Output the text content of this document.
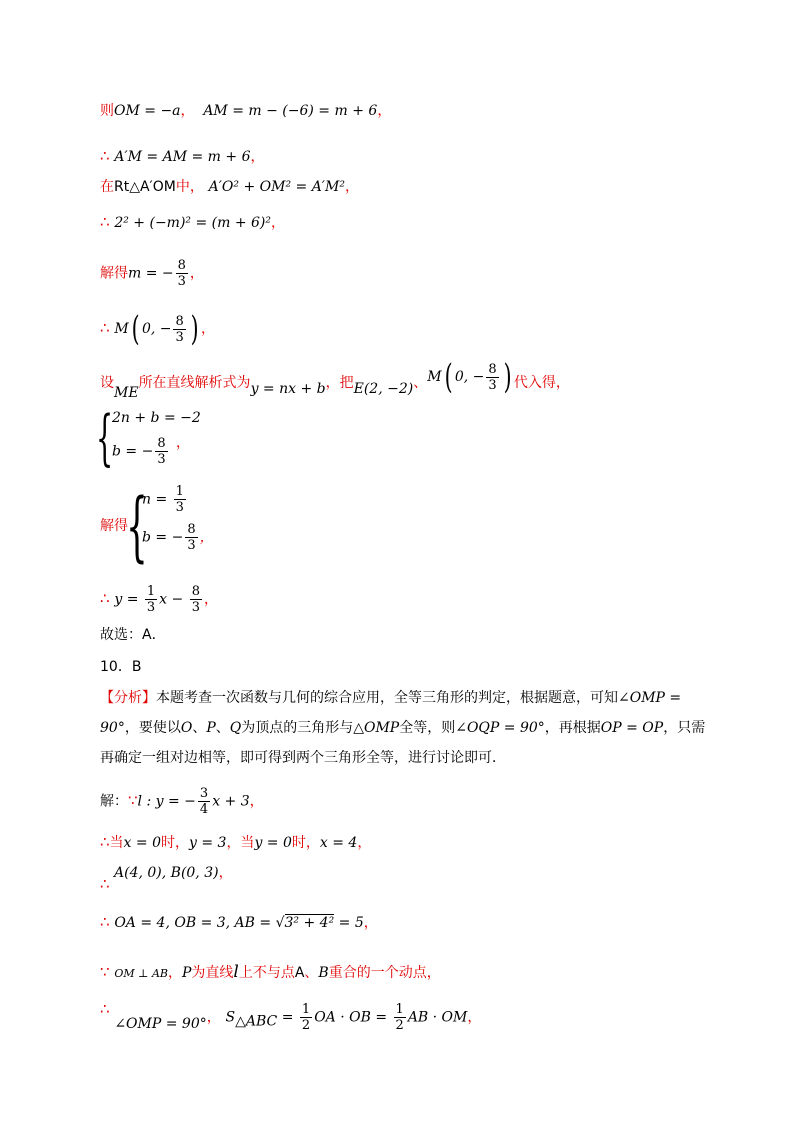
则OM = −a， AM = m − (−6) = m + 6，
∴ A′M = AM = m + 6，
在Rt△A′OM中， A′O² + OM² = A′M²，
∴ 2² + (−m)² = (m + 6)²，
解得m = − $\frac{8}{3}$ ，
∴ M( 0, − $\frac{8}{3}$ ) ，
设ME所在直线解析式为y = nx + b，把E(2, −2)、M( 0, − $\frac{8}{3}$ ) 代入得，
{
2n + b = −2
b = − $\frac{8}{3}$ ，
解得
{
$n = \frac{1}{3}$
b = − $\frac{8}{3}$ ，
∴ $y = \frac{1}{3}$ $x - \frac{8}{3}$ ，
故选：A．
10．B
【分析】本题考查一次函数与几何的综合应用，全等三角形的判定，根据题意，可知∠OMP = 90°，要使以O、P、Q为顶点的三角形与△OMP全等，则∠OQP = 90°，再根据OP = OP，只需再确定一组对边相等，即可得到两个三角形全等，进行讨论即可．
解：∵l : y = − $\frac{3}{4}$ x + 3，
∴当x = 0时，y = 3，当y = 0时，x = 4，
A(4, 0), B(0, 3)，
∴
∴ OA = 4, OB = 3, AB = √3² + 4² = 5，
∵ OM ⊥ AB，P为直线l上不与点A、B重合的一个动点，
∴ ∠OMP = 90°， $S_{\triangle ABC} = \frac{1}{2}$ OA · OB = $\frac{1}{2}$ AB · OM，
